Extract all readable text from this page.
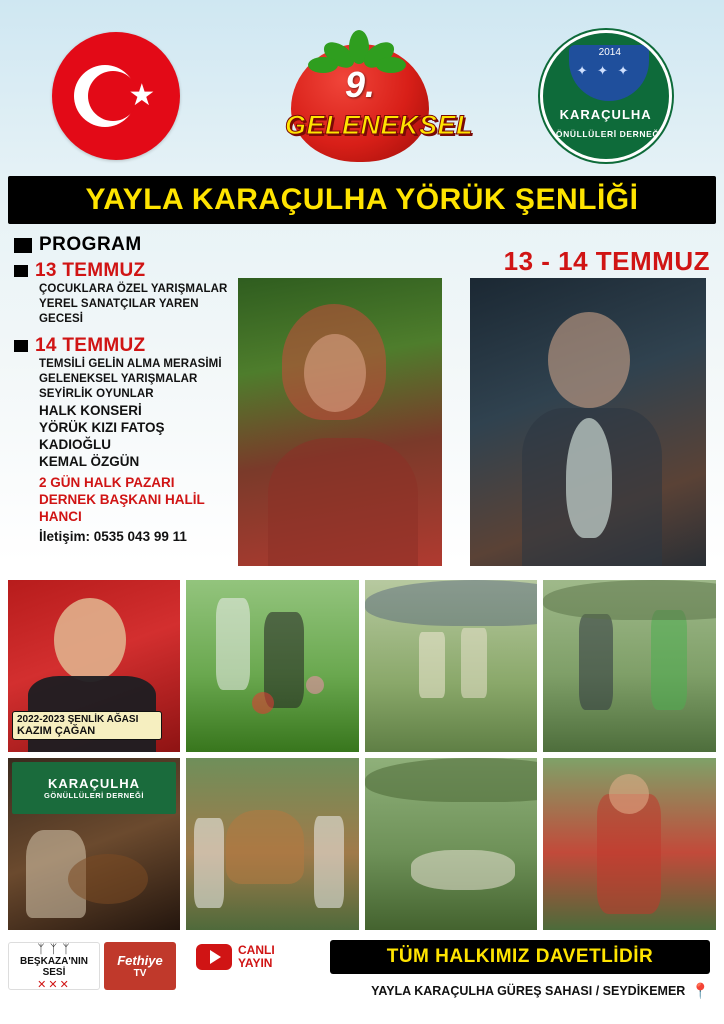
★	9.
GELENEKSEL
2014
✦ ✦ ✦
KARAÇULHA
GÖNÜLLÜLERİ DERNEĞİ
YAYLA KARAÇULHA YÖRÜK ŞENLİĞİ
PROGRAM
13 TEMMUZ
ÇOCUKLARA ÖZEL YARIŞMALAR
YEREL SANATÇILAR YAREN GECESİ
14 TEMMUZ
TEMSİLİ GELİN ALMA MERASİMİ
GELENEKSEL YARIŞMALAR
SEYİRLİK OYUNLAR
HALK KONSERİ
YÖRÜK KIZI FATOŞ KADIOĞLU
KEMAL ÖZGÜN
2 GÜN HALK PAZARI
DERNEK BAŞKANI HALİL HANCI
İletişim: 0535 043 99 11
13 - 14 TEMMUZ
2022-2023 ŞENLİK AĞASI
KAZIM ÇAĞAN
KARAÇULHA
GÖNÜLLÜLERİ DERNEĞİ
ᛉ ᛉ ᛉ
BEŞKAZA'NIN
SESİ
✕✕✕
Fethiye
TV
CANLI
YAYIN	TÜM HALKIMIZ DAVETLİDİR
YAYLA KARAÇULHA GÜREŞ SAHASI / SEYDİKEMER 📍
